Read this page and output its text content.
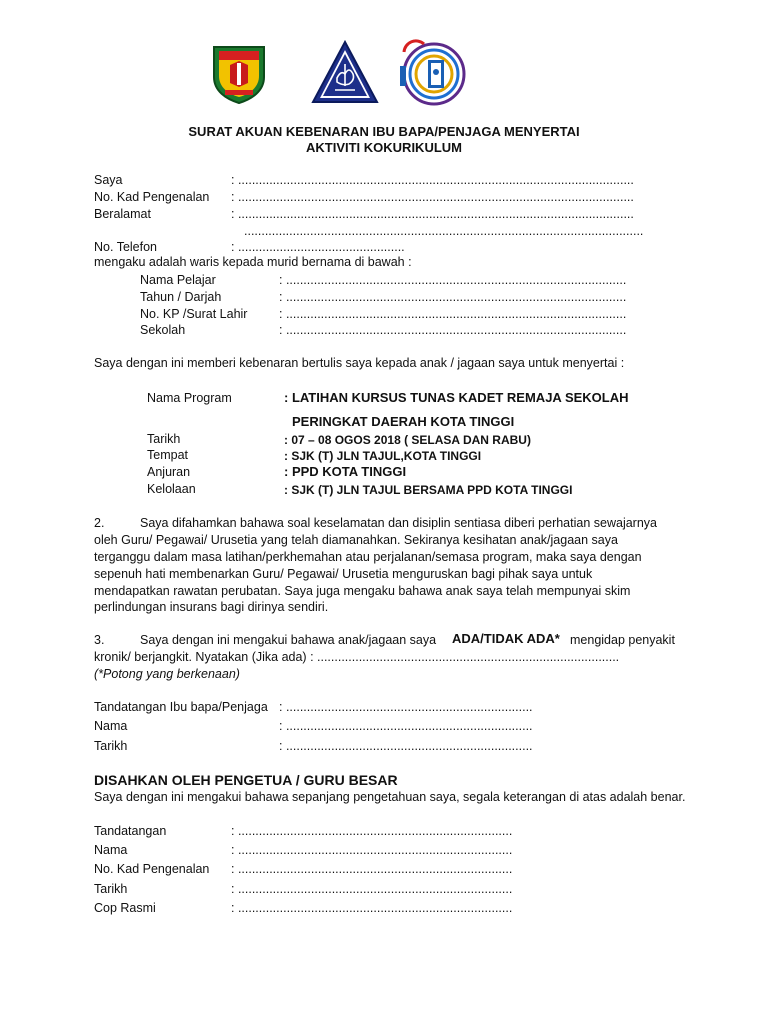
SURAT AKUAN KEBENARAN IBU BAPA/PENJAGA MENYERTAI
AKTIVITI KOKURIKULUM
Saya	: ..................................................................................................................
No. Kad Pengenalan : ..................................................................................................................
Beralamat	: ..................................................................................................................
...................................................................................................................
No. Telefon	: ................................................
mengaku adalah waris kepada murid bernama di bawah :
Nama Pelajar	: ..................................................................................................
Tahun / Darjah	: ..................................................................................................
No. KP /Surat Lahir	: ..................................................................................................
Sekolah	: ..................................................................................................
Saya dengan ini memberi kebenaran bertulis saya kepada anak / jagaan saya untuk menyertai :
Nama Program	: LATIHAN KURSUS TUNAS KADET REMAJA SEKOLAH
PERINGKAT DAERAH KOTA TINGGI
Tarikh	: 07 – 08 OGOS 2018 ( SELASA DAN RABU)
Tempat	: SJK (T) JLN TAJUL,KOTA TINGGI
Anjuran	: PPD KOTA TINGGI
Kelolaan	: SJK (T) JLN TAJUL BERSAMA PPD KOTA TINGGI
2.	Saya difahamkan bahawa soal keselamatan dan disiplin sentiasa diberi perhatian sewajarnya
oleh Guru/ Pegawai/ Urusetia yang telah diamanahkan. Sekiranya kesihatan anak/jagaan saya
terganggu dalam masa latihan/perkhemahan atau perjalanan/semasa program, maka saya dengan
sepenuh hati membenarkan Guru/ Pegawai/ Urusetia menguruskan bagi pihak saya untuk
mendapatkan rawatan perubatan. Saya juga mengaku bahawa anak saya telah mempunyai skim
perlindungan insurans bagi dirinya sendiri.
3.	Saya dengan ini mengakui bahawa anak/jagaan saya ADA/TIDAK ADA* mengidap penyakit
kronik/ berjangkit. Nyatakan (Jika ada) : .......................................................................................
(*Potong yang berkenaan)
Tandatangan Ibu bapa/Penjaga : .......................................................................
Nama	: .......................................................................
Tarikh	: .......................................................................
DISAHKAN OLEH PENGETUA / GURU BESAR
Saya dengan ini mengakui bahawa sepanjang pengetahuan saya, segala keterangan di atas adalah benar.
Tandatangan	: ...............................................................................
Nama	: ...............................................................................
No. Kad Pengenalan : ...............................................................................
Tarikh	: ...............................................................................
Cop Rasmi	: ...............................................................................
